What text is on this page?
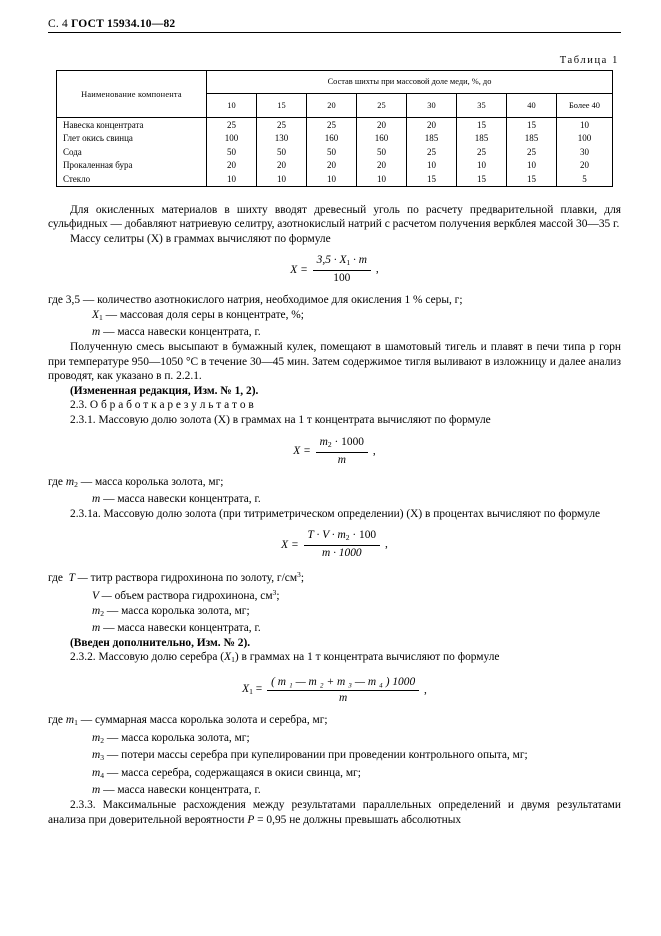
С. 4 ГОСТ 15934.10—82
Таблица 1
Наименование компонента	Состав шихты при массовой доле меди, %, до							
	10	15	20	25	30	35	40	Более 40
Навеска концентрата	25	25	25	20	20	15	15	10
Глет окись свинца	100	130	160	160	185	185	185	100
Сода	50	50	50	50	25	25	25	30
Прокаленная бура	20	20	20	20	10	10	10	20
Стекло	10	10	10	10	15	15	15	5

Для окисленных материалов в шихту вводят древесный уголь по расчету предварительной плавки, для сульфидных — добавляют натриевую селитру, азотнокислый натрий с расчетом получения веркблея массой 30—35 г.

Массу селитры (X) в граммах вычисляют по формуле

$X = \frac{3,5 \cdot X_1 \cdot m}{100}$ ,

где 3,5 — количество азотнокислого натрия, необходимое для окисления 1 % серы, г;

$X_1$ — массовая доля серы в концентрате, %;

m — масса навески концентрата, г.

Полученную смесь высыпают в бумажный кулек, помещают в шамотовый тигель и плавят в печи типа р горн при температуре 950—1050 °С в течение 30—45 мин. Затем содержимое тигля выливают в изложницу и далее анализ проводят, как указано в п. 2.2.1.

(Измененная редакция, Изм. № 1, 2).

2.3. О б р а б о т к а р е з у л ь т а т о в

2.3.1. Массовую долю золота (X) в граммах на 1 т концентрата вычисляют по формуле

$X = \frac{m_2 \cdot 1000}{m}$ ,

где $m_2$ — масса королька золота, мг;

m — масса навески концентрата, г.

2.3.1а. Массовую долю золота (при титриметрическом определении) (X) в процентах вычисляют по формуле

$X = \frac{T \cdot V \cdot m_2 \cdot 100}{m \cdot 1000}$ ,

где T — титр раствора гидрохинона по золоту, $г/см^3$;

V — объем раствора гидрохинона, $см^3$;

$m_2$ — масса королька золота, мг;

m — масса навески концентрата, г.

(Введен дополнительно, Изм. № 2).

2.3.2. Массовую долю серебра $(X_1)$ в граммах на 1 т концентрата вычисляют по формуле

$X_1 = \frac{\text{( m ₁ — m ₂ + m ₃ — m ₄ ) 1000}}{m}$ ,

где $m_1$ — суммарная масса королька золота и серебра, мг;

$m_2$ — масса королька золота, мг;

$m_3$ — потери массы серебра при купелировании при проведении контрольного опыта, мг;

$m_4$ — масса серебра, содержащаяся в окиси свинца, мг;

m — масса навески концентрата, г.

2.3.3. Максимальные расхождения между результатами параллельных определений и двумя результатами анализа при доверительной вероятности P = 0,95 не должны превышать абсолютных
